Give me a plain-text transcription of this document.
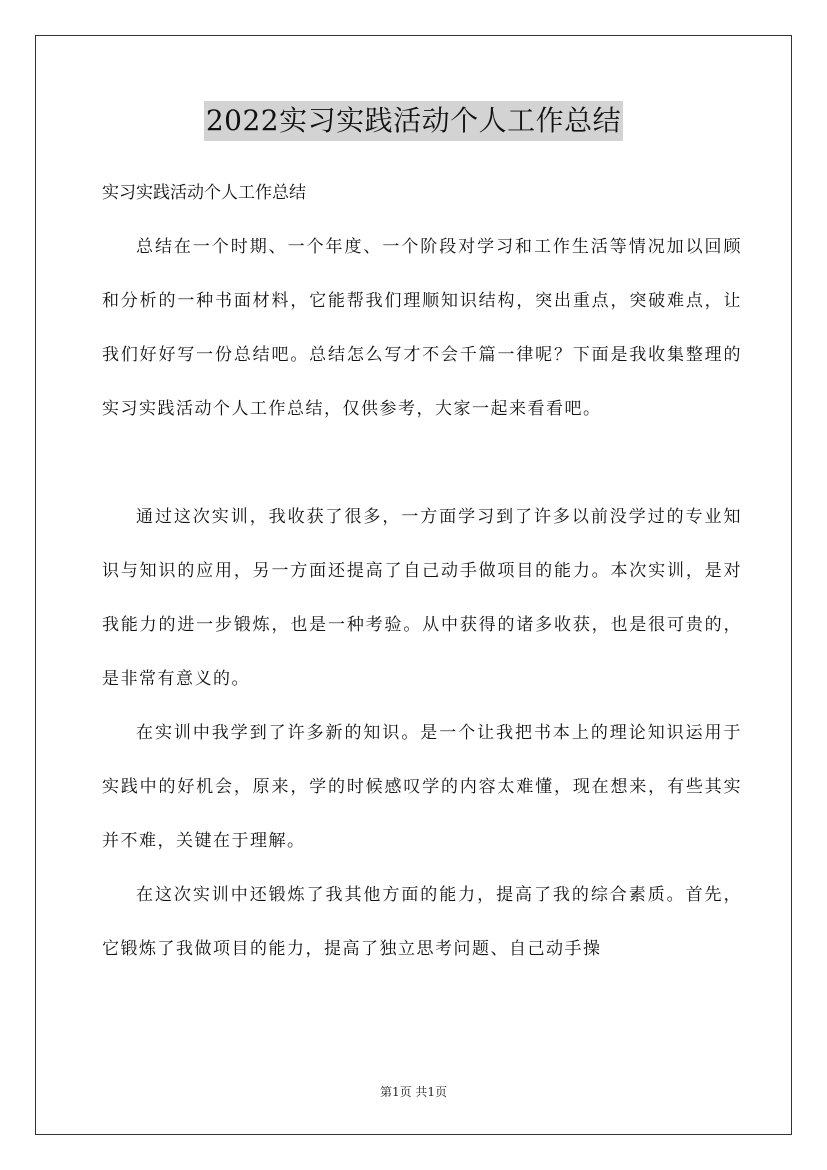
2022实习实践活动个人工作总结

实习实践活动个人工作总结

总结在一个时期、一个年度、一个阶段对学习和工作生活等情况加以回顾和分析的一种书面材料，它能帮我们理顺知识结构，突出重点，突破难点，让我们好好写一份总结吧。总结怎么写才不会千篇一律呢？下面是我收集整理的实习实践活动个人工作总结，仅供参考，大家一起来看看吧。

通过这次实训，我收获了很多，一方面学习到了许多以前没学过的专业知识与知识的应用，另一方面还提高了自己动手做项目的能力。本次实训，是对我能力的进一步锻炼，也是一种考验。从中获得的诸多收获，也是很可贵的，是非常有意义的。

在实训中我学到了许多新的知识。是一个让我把书本上的理论知识运用于实践中的好机会，原来，学的时候感叹学的内容太难懂，现在想来，有些其实并不难，关键在于理解。

在这次实训中还锻炼了我其他方面的能力，提高了我的综合素质。首先，它锻炼了我做项目的能力，提高了独立思考问题、自己动手操

第1页 共1页
